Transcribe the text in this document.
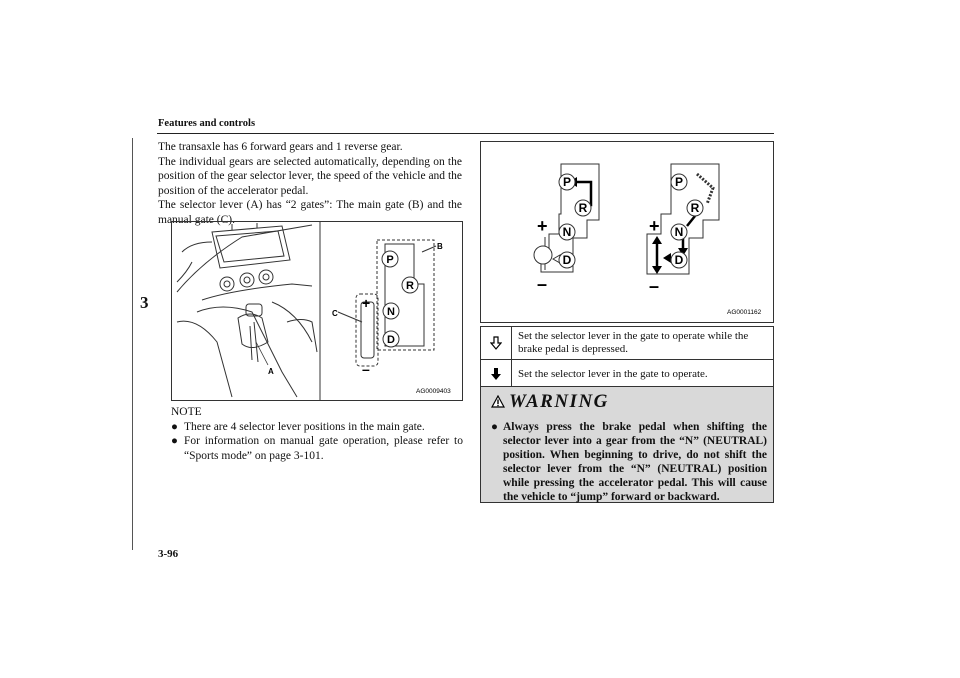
Features and controls
3

The transaxle has 6 forward gears and 1 reverse gear.

The individual gears are selected automatically, depending on the position of the gear selector lever, the speed of the vehicle and the position of the accelerator pedal.

The selector lever (A) has “2 gates”: The main gate (B) and the manual gate (C).

A
+
–
P
R
N
D
B
C
AG0009403
NOTE
● There are 4 selector lever positions in the main gate.
● For information on manual gate operation, please refer to “Sports mode” on page 3-101.
+
–
P
R
N
D
+
–
P
R
N
D
AG0001162
Set the selector lever in the gate to operate while the brake pedal is depressed.
Set the selector lever in the gate to operate.
WARNING
● Always press the brake pedal when shifting the selector lever into a gear from the “N” (NEUTRAL) position. When beginning to drive, do not shift the selector lever from the “N” (NEUTRAL) position while pressing the accelerator pedal. This will cause the vehicle to “jump” forward or backward.
3-96
